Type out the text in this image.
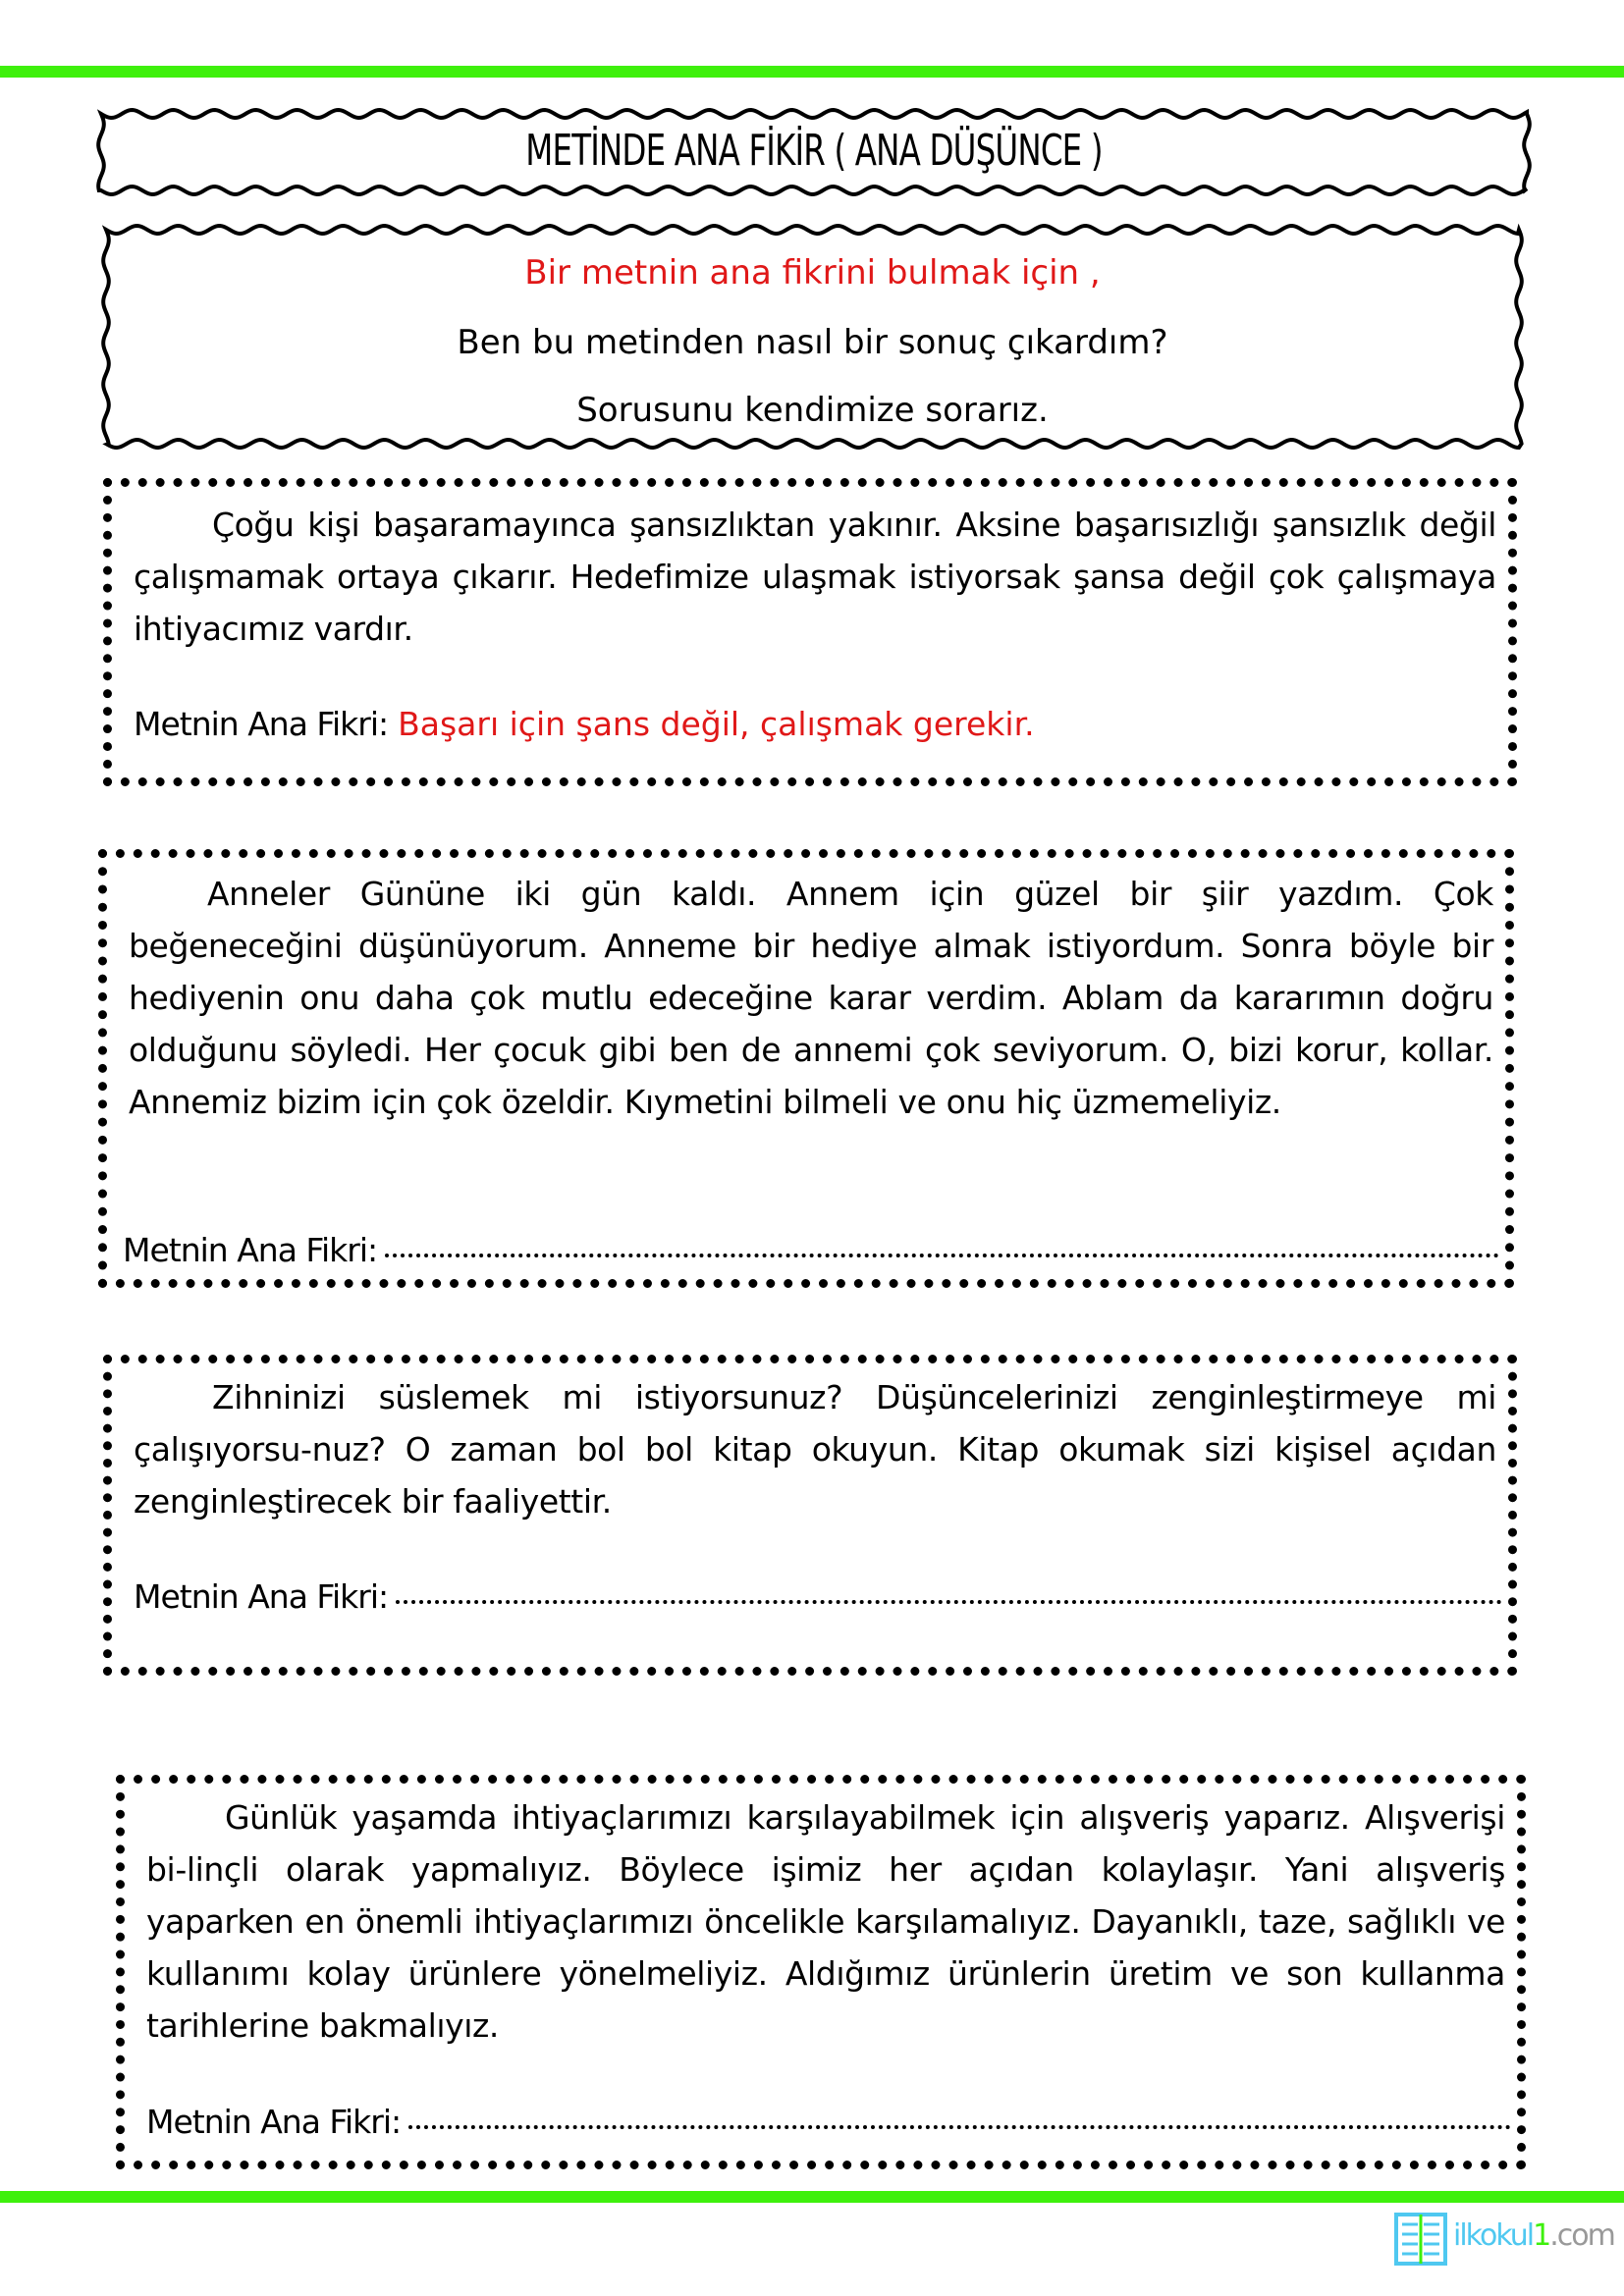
METİNDE ANA FİKİR ( ANA DÜŞÜNCE )
Bir metnin ana fikrini bulmak için ,
Ben bu metinden nasıl bir sonuç çıkardım?
Sorusunu kendimize sorarız.
Çoğu kişi başaramayınca şansızlıktan yakınır. Aksine başarısızlığı şansızlık değil çalışmamak ortaya çıkarır. Hedefimize ulaşmak istiyorsak şansa değil çok çalışmaya ihtiyacımız vardır.
Metnin Ana Fikri: Başarı için şans değil, çalışmak gerekir.
Anneler Gününe iki gün kaldı. Annem için güzel bir şiir yazdım. Çok beğeneceğini düşünüyorum. Anneme bir hediye almak istiyordum. Sonra böyle bir hediyenin onu daha çok mutlu edeceğine karar verdim. Ablam da kararımın doğru olduğunu söyledi. Her çocuk gibi ben de annemi çok seviyorum. O, bizi korur, kollar. Annemiz bizim için çok özeldir. Kıymetini bilmeli ve onu hiç üzmemeliyiz.
Metnin Ana Fikri:
Zihninizi süslemek mi istiyorsunuz? Düşüncelerinizi zenginleştirmeye mi çalışıyorsu-nuz? O zaman bol bol kitap okuyun. Kitap okumak sizi kişisel açıdan zenginleştirecek bir faaliyettir.
Metnin Ana Fikri:
Günlük yaşamda ihtiyaçlarımızı karşılayabilmek için alışveriş yaparız. Alışverişi bi-linçli olarak yapmalıyız. Böylece işimiz her açıdan kolaylaşır. Yani alışveriş yaparken en önemli ihtiyaçlarımızı öncelikle karşılamalıyız. Dayanıklı, taze, sağlıklı ve kullanımı kolay ürünlere yönelmeliyiz. Aldığımız ürünlerin üretim ve son kullanma tarihlerine bakmalıyız.
Metnin Ana Fikri:
ilkokul1.com
